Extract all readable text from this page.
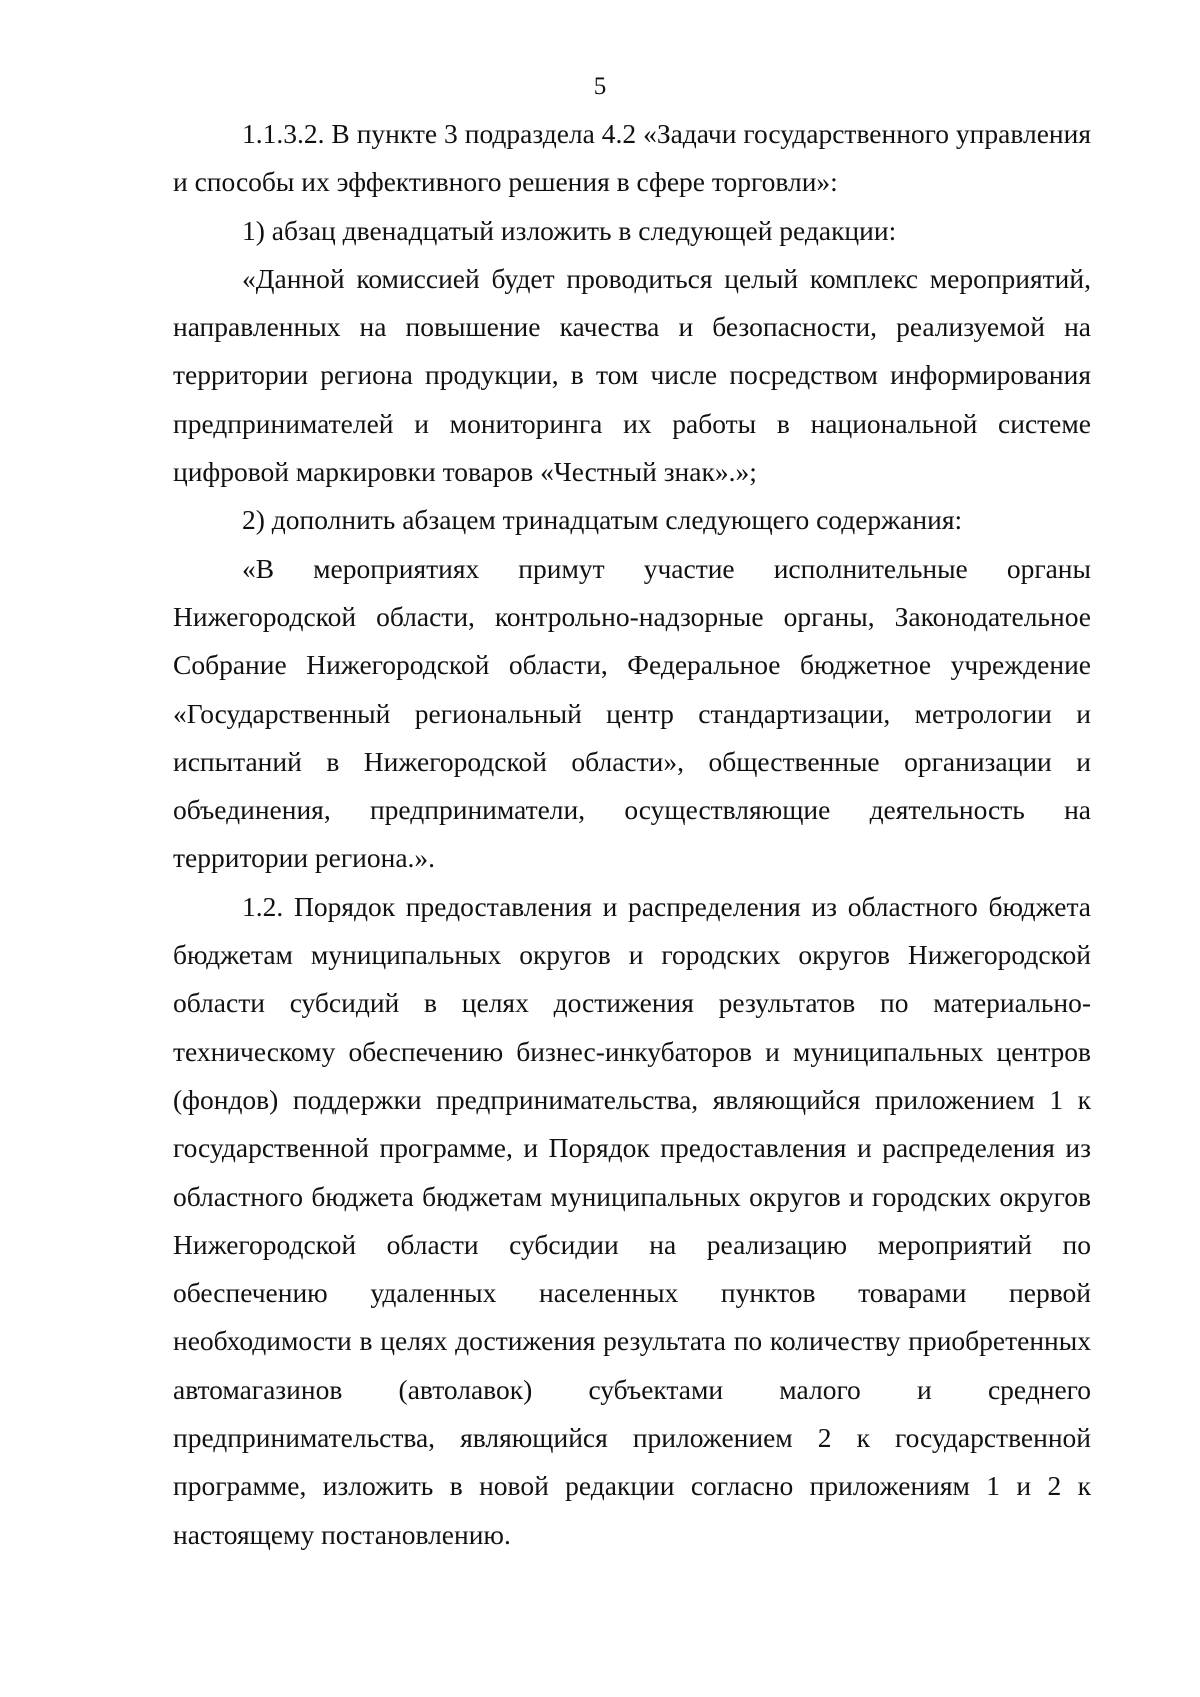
5

1.1.3.2. В пункте 3 подраздела 4.2 «Задачи государственного управления и способы их эффективного решения в сфере торговли»:

1) абзац двенадцатый изложить в следующей редакции:

«Данной комиссией будет проводиться целый комплекс мероприятий, направленных на повышение качества и безопасности, реализуемой на территории региона продукции, в том числе посредством информирования предпринимателей и мониторинга их работы в национальной системе цифровой маркировки товаров «Честный знак».»;

2) дополнить абзацем тринадцатым следующего содержания:

«В мероприятиях примут участие исполнительные органы Нижегородской области, контрольно-надзорные органы, Законодательное Собрание Нижегородской области, Федеральное бюджетное учреждение «Государственный региональный центр стандартизации, метрологии и испытаний в Нижегородской области», общественные организации и объединения, предприниматели, осуществляющие деятельность на территории региона.».

1.2. Порядок предоставления и распределения из областного бюджета бюджетам муниципальных округов и городских округов Нижегородской области субсидий в целях достижения результатов по материально-техническому обеспечению бизнес-инкубаторов и муниципальных центров (фондов) поддержки предпринимательства, являющийся приложением 1 к государственной программе, и Порядок предоставления и распределения из областного бюджета бюджетам муниципальных округов и городских округов Нижегородской области субсидии на реализацию мероприятий по обеспечению удаленных населенных пунктов товарами первой необходимости в целях достижения результата по количеству приобретенных автомагазинов (автолавок) субъектами малого и среднего предпринимательства, являющийся приложением 2 к государственной программе, изложить в новой редакции согласно приложениям 1 и 2 к настоящему постановлению.
